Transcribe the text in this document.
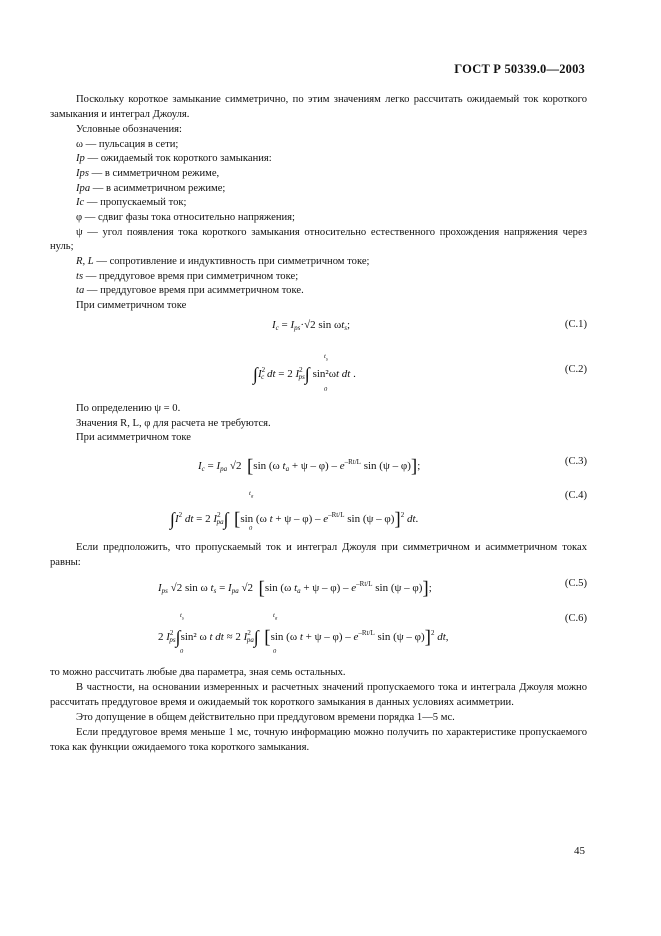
ГОСТ Р 50339.0—2003
Поскольку короткое замыкание симметрично, по этим значениям легко рассчитать ожидаемый ток короткого замыкания и интеграл Джоуля.
Условные обозначения:
ω — пульсация в сети;
Ip — ожидаемый ток короткого замыкания:
Ips — в симметричном режиме,
Ipa — в асимметричном режиме;
Ic — пропускаемый ток;
φ — сдвиг фазы тока относительно напряжения;
ψ — угол появления тока короткого замыкания относительно естественного прохождения напряжения через нуль;
R, L — сопротивление и индуктивность при симметричном токе;
ts — преддуговое время при симметричном токе;
ta — преддуговое время при асимметричном токе.
При симметричном токе
$I_c = I_{ps}\cdot√2$ $\sin \omega t_s$;	(C.1)
$\int I^2_c$ dt = 2 $I^2_{ps}\int$ sin²ωt dt .
$t_s$
0
(C.2)
По определению ψ = 0.
Значения R, L, φ для расчета не требуются.
При асимметричном токе
$I_c = I_{pa}$ √2  [sin (ω $t_a + \psi - \varphi) - e^{-Rt/L}$ sin (ψ – φ)];	(C.3)
$\int I^2$ dt = 2 $I^2_{pa}\int$ [sin (ω $t + \psi - \varphi) - e^{-Rt/L}$ sin (ψ – φ)]$^2$ dt.
$t_a$
0
(C.4)
Если предположить, что пропускаемый ток и интеграл Джоуля при симметричном и асимметричном токах равны:
$I_{ps}$ √2 sin ω $t_s = I_{pa}$ √2  [sin (ω $t_a + \psi - \varphi) - e^{-Rt/L}$ sin (ψ – φ)];	(C.5)
2 $I^2_{ps}\int\sin^2$ ω t dt ≈ 2 $I^2_{pa}\int$ [sin (ω $t + \psi - \varphi) - e^{-Rt/L}$ sin (ψ – φ)]$^2$ dt,
$t_s$
0
$t_a$
0
(C.6)
то можно рассчитать любые два параметра, зная семь остальных.
В частности, на основании измеренных и расчетных значений пропускаемого тока и интеграла Джоуля можно рассчитать преддуговое время и ожидаемый ток короткого замыкания в данных условиях асимметрии.
Это допущение в общем действительно при преддуговом времени порядка 1—5 мс.
Если преддуговое время меньше 1 мс, точную информацию можно получить по характеристике пропускаемого тока как функции ожидаемого тока короткого замыкания.
45
